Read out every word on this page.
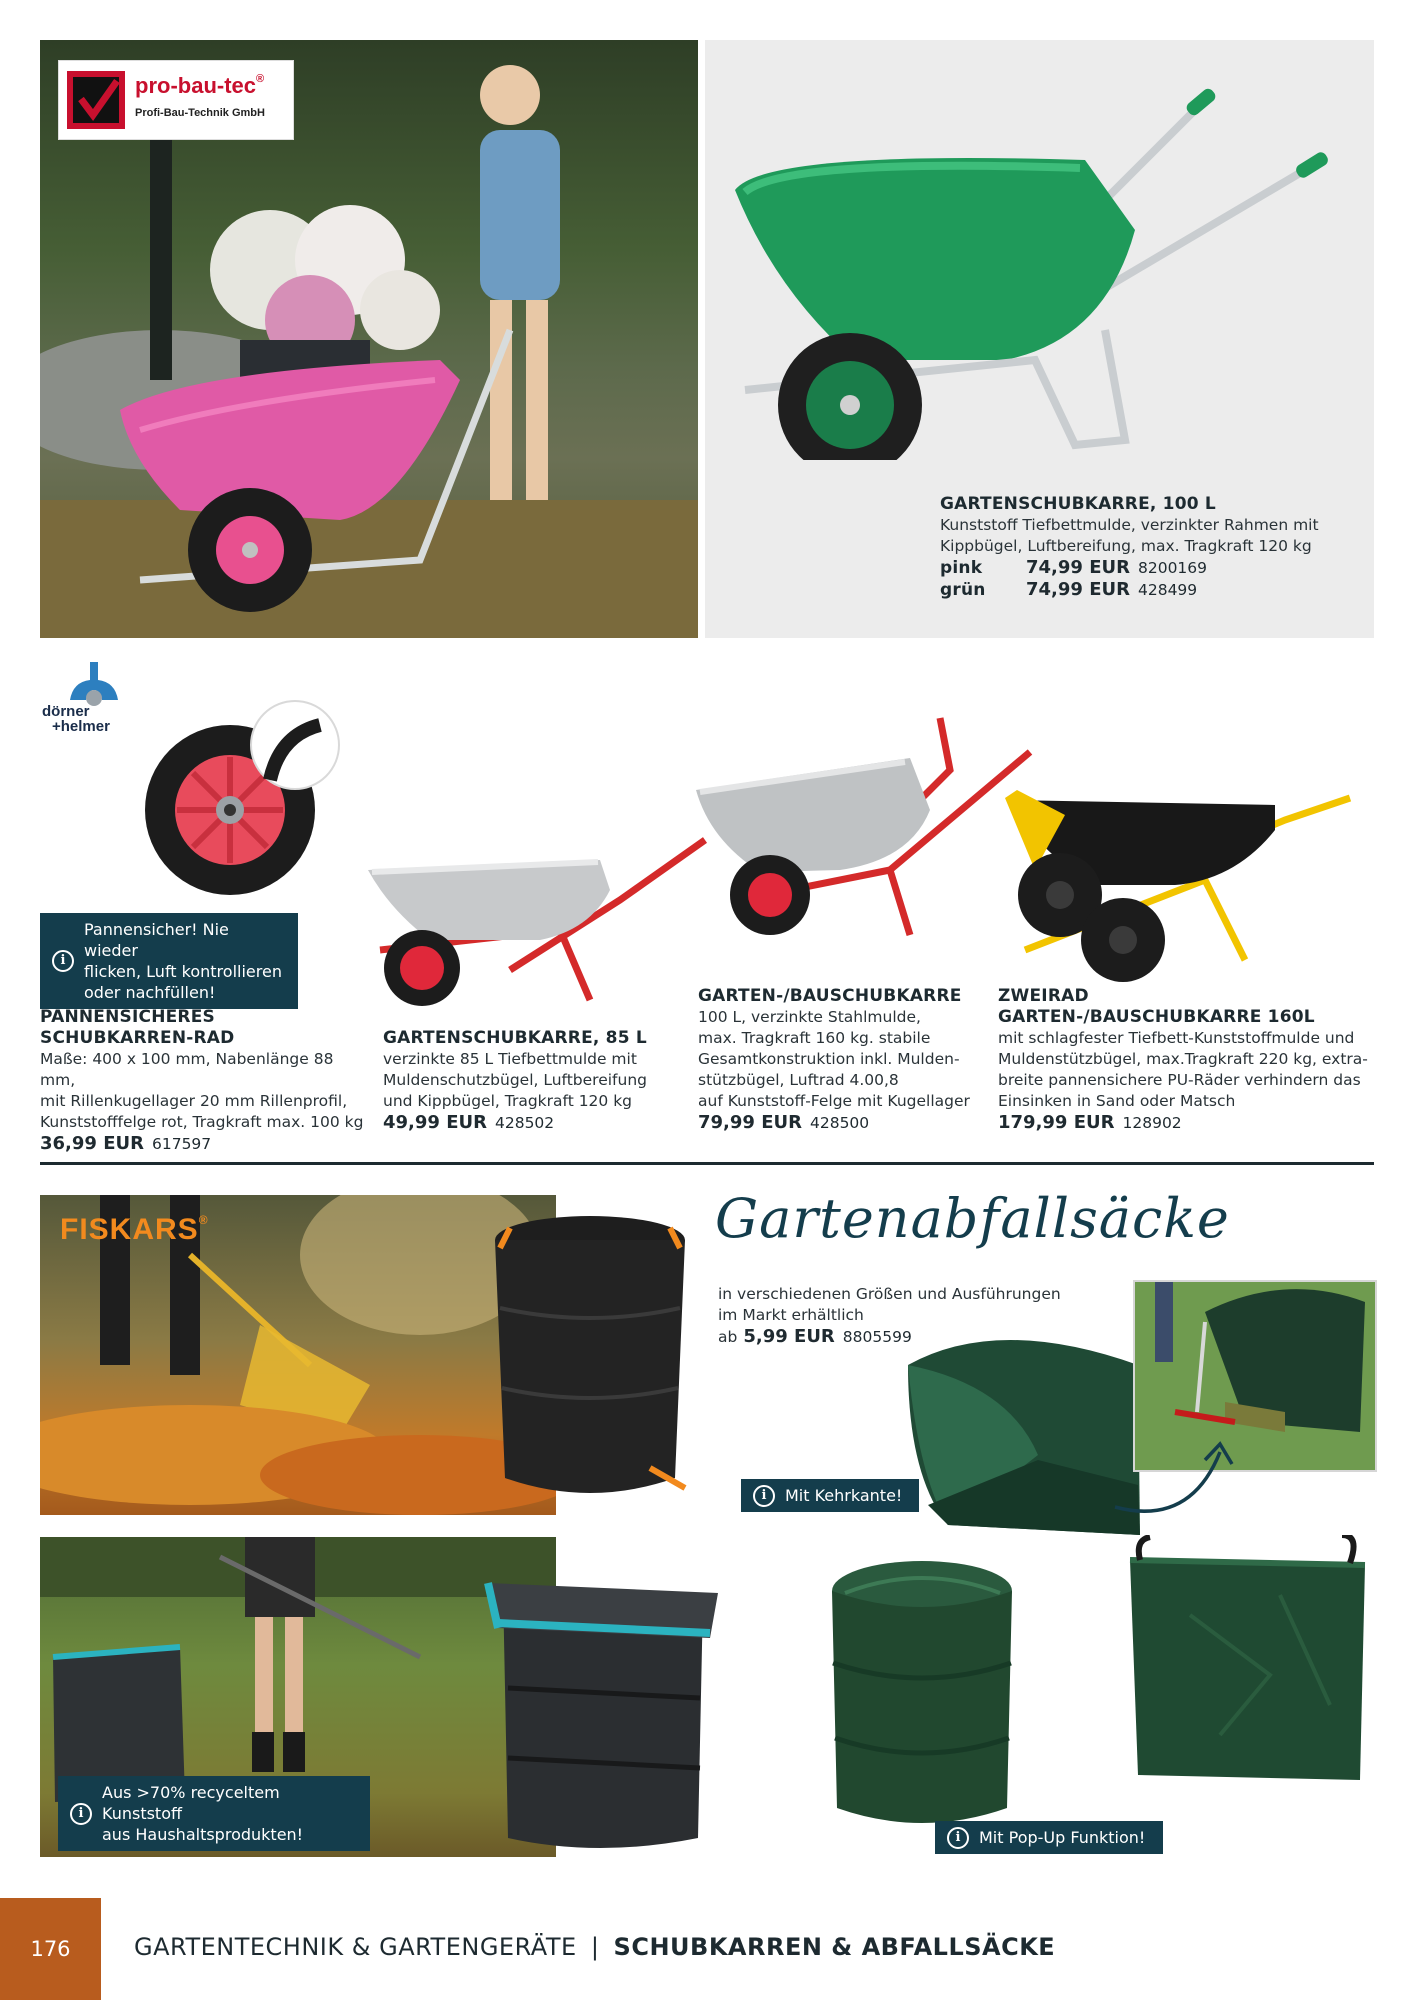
pro-bau-tec®
Profi-Bau-Technik GmbH
GARTENSCHUBKARRE, 100 L
Kunststoff Tiefbettmulde, verzinkter Rahmen mit
Kippbügel, Luftbereifung, max. Tragkraft 120 kg
pink	74,99 EUR 8200169
grün	74,99 EUR 428499
dörner
+helmer
i
Pannensicher! Nie wieder
flicken, Luft kontrollieren
oder nachfüllen!
PANNENSICHERES
SCHUBKARREN-RAD
Maße: 400 x 100 mm, Nabenlänge 88 mm,
mit Rillenkugellager 20 mm Rillenprofil,
Kunststofffelge rot, Tragkraft max. 100 kg
36,99 EUR 617597
GARTENSCHUBKARRE, 85 L
verzinkte 85 L Tiefbettmulde mit
Muldenschutzbügel, Luftbereifung
und Kippbügel, Tragkraft 120 kg
49,99 EUR 428502
GARTEN-/BAUSCHUBKARRE
100 L, verzinkte Stahlmulde,
max. Tragkraft 160 kg. stabile
Gesamtkonstruktion inkl. Mulden-
stützbügel, Luftrad 4.00,8
auf Kunststoff-Felge mit Kugellager
79,99 EUR 428500
ZWEIRAD
GARTEN-/BAUSCHUBKARRE 160L
mit schlagfester Tiefbett-Kunststoffmulde und
Muldenstützbügel, max.Tragkraft 220 kg, extra-
breite pannensichere PU-Räder verhindern das
Einsinken in Sand oder Matsch
179,99 EUR 128902
FISKARS®
i
Aus >70% recyceltem Kunststoff
aus Haushaltsprodukten!
Gartenabfallsäcke
in verschiedenen Größen und Ausführungen
im Markt erhältlich
ab 5,99 EUR 8805599
i	Mit Kehrkante!
i	Mit Pop-Up Funktion!
176	GARTENTECHNIK & GARTENGERÄTE | SCHUBKARREN & ABFALLSÄCKE
